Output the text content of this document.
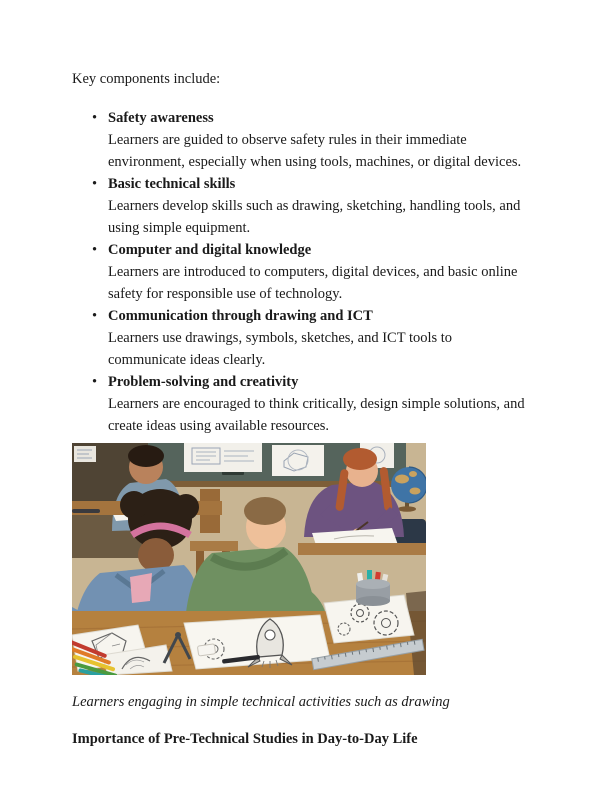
Key components include:

• Safety awareness
Learners are guided to observe safety rules in their immediate environment, especially when using tools, machines, or digital devices.
• Basic technical skills
Learners develop skills such as drawing, sketching, handling tools, and using simple equipment.
• Computer and digital knowledge
Learners are introduced to computers, digital devices, and basic online safety for responsible use of technology.
• Communication through drawing and ICT
Learners use drawings, symbols, sketches, and ICT tools to communicate ideas clearly.
• Problem-solving and creativity
Learners are encouraged to think critically, design simple solutions, and create ideas using available resources.

Learners engaging in simple technical activities such as drawing

Importance of Pre-Technical Studies in Day-to-Day Life
